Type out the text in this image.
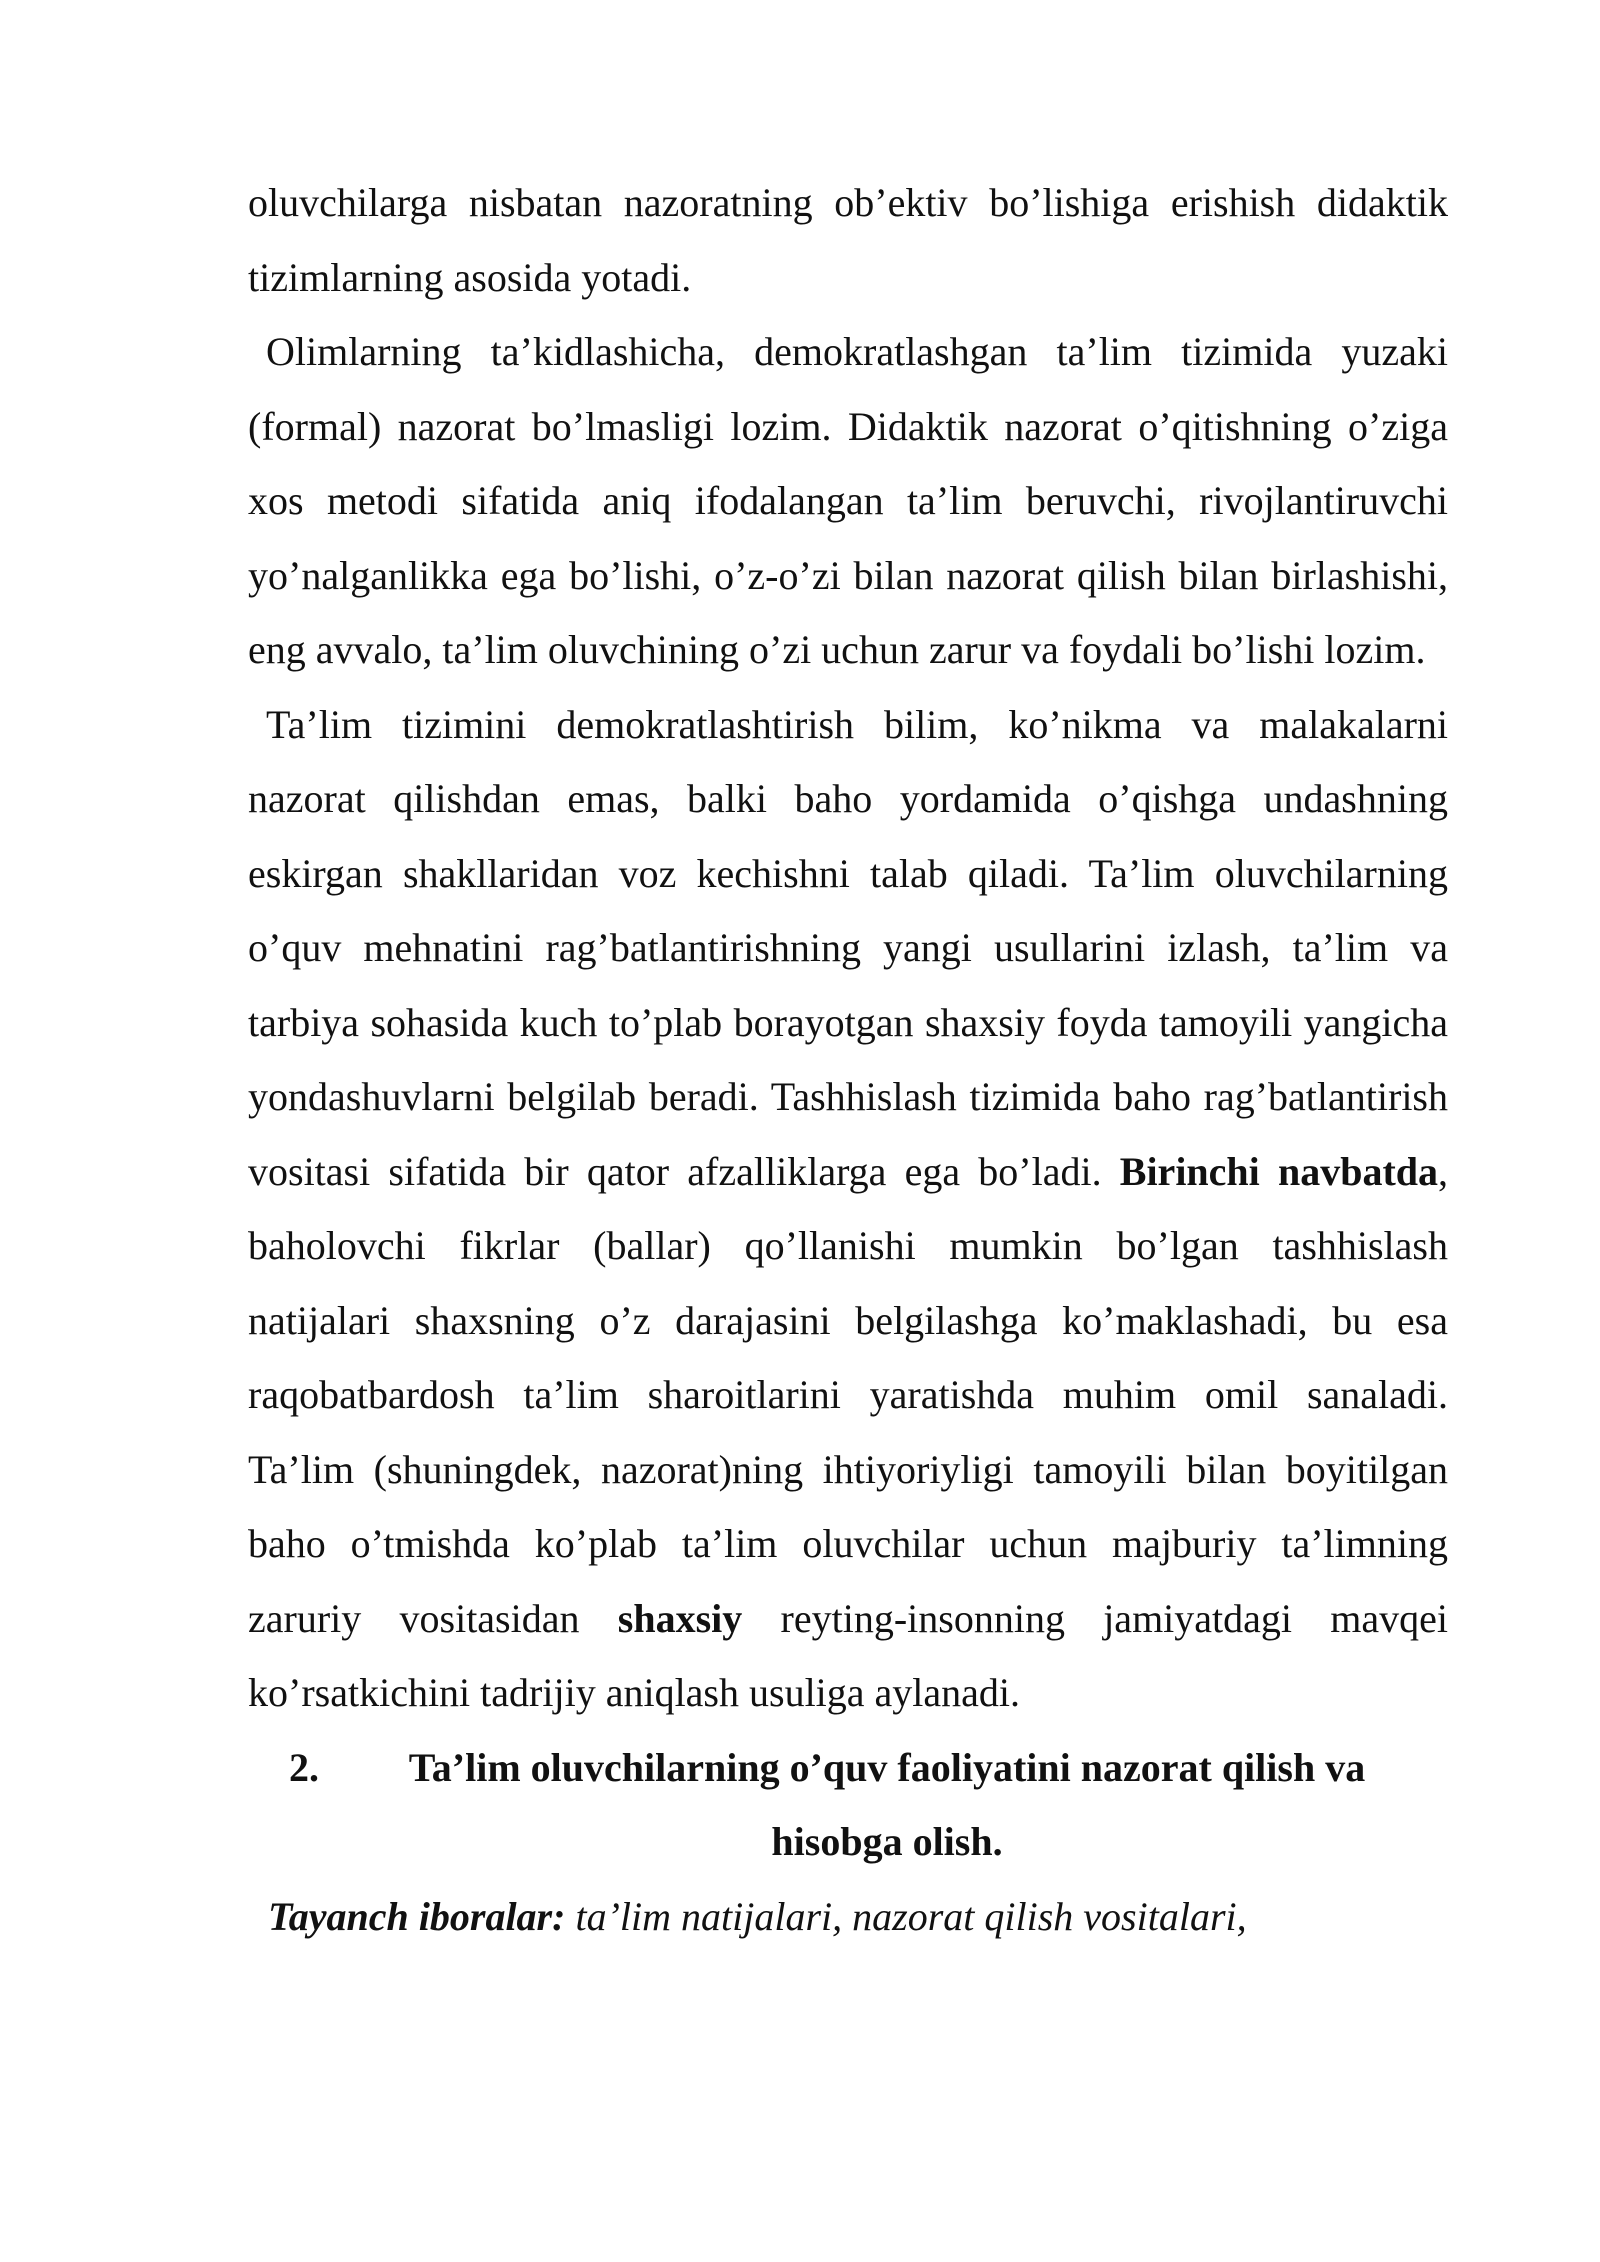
oluvchilarga nisbatan nazoratning ob’ektiv bo’lishiga erishish didaktik tizimlarning asosida yotadi.

Olimlarning ta’kidlashicha, demokratlashgan ta’lim tizimida yuzaki (formal) nazorat bo’lmasligi lozim. Didaktik nazorat o’qitishning o’ziga xos metodi sifatida aniq ifodalangan ta’lim beruvchi, rivojlantiruvchi yo’nalganlikka ega bo’lishi, o’z-o’zi bilan nazorat qilish bilan birlashishi, eng avvalo, ta’lim oluvchining o’zi uchun zarur va foydali bo’lishi lozim.

Ta’lim tizimini demokratlashtirish bilim, ko’nikma va malakalarni nazorat qilishdan emas, balki baho yordamida o’qishga undashning eskirgan shakllaridan voz kechishni talab qiladi. Ta’lim oluvchilarning o’quv mehnatini rag’batlantirishning yangi usullarini izlash, ta’lim va tarbiya sohasida kuch to’plab borayotgan shaxsiy foyda tamoyili yangicha yondashuvlarni belgilab beradi. Tashhislash tizimida baho rag’batlantirish vositasi sifatida bir qator afzalliklarga ega bo’ladi. Birinchi navbatda, baholovchi fikrlar (ballar) qo’llanishi mumkin bo’lgan tashhislash natijalari shaxsning o’z darajasini belgilashga ko’maklashadi, bu esa raqobatbardosh ta’lim sharoitlarini yaratishda muhim omil sanaladi. Ta’lim (shuningdek, nazorat)ning ihtiyoriyligi tamoyili bilan boyitilgan baho o’tmishda ko’plab ta’lim oluvchilar uchun majburiy ta’limning zaruriy vositasidan shaxsiy reyting-insonning jamiyatdagi mavqei ko’rsatkichini tadrijiy aniqlash usuliga aylanadi.

2.	Ta’lim oluvchilarning o’quv faoliyatini nazorat qilish va hisobga olish.

Tayanch iboralar: ta’lim natijalari, nazorat qilish vositalari,
